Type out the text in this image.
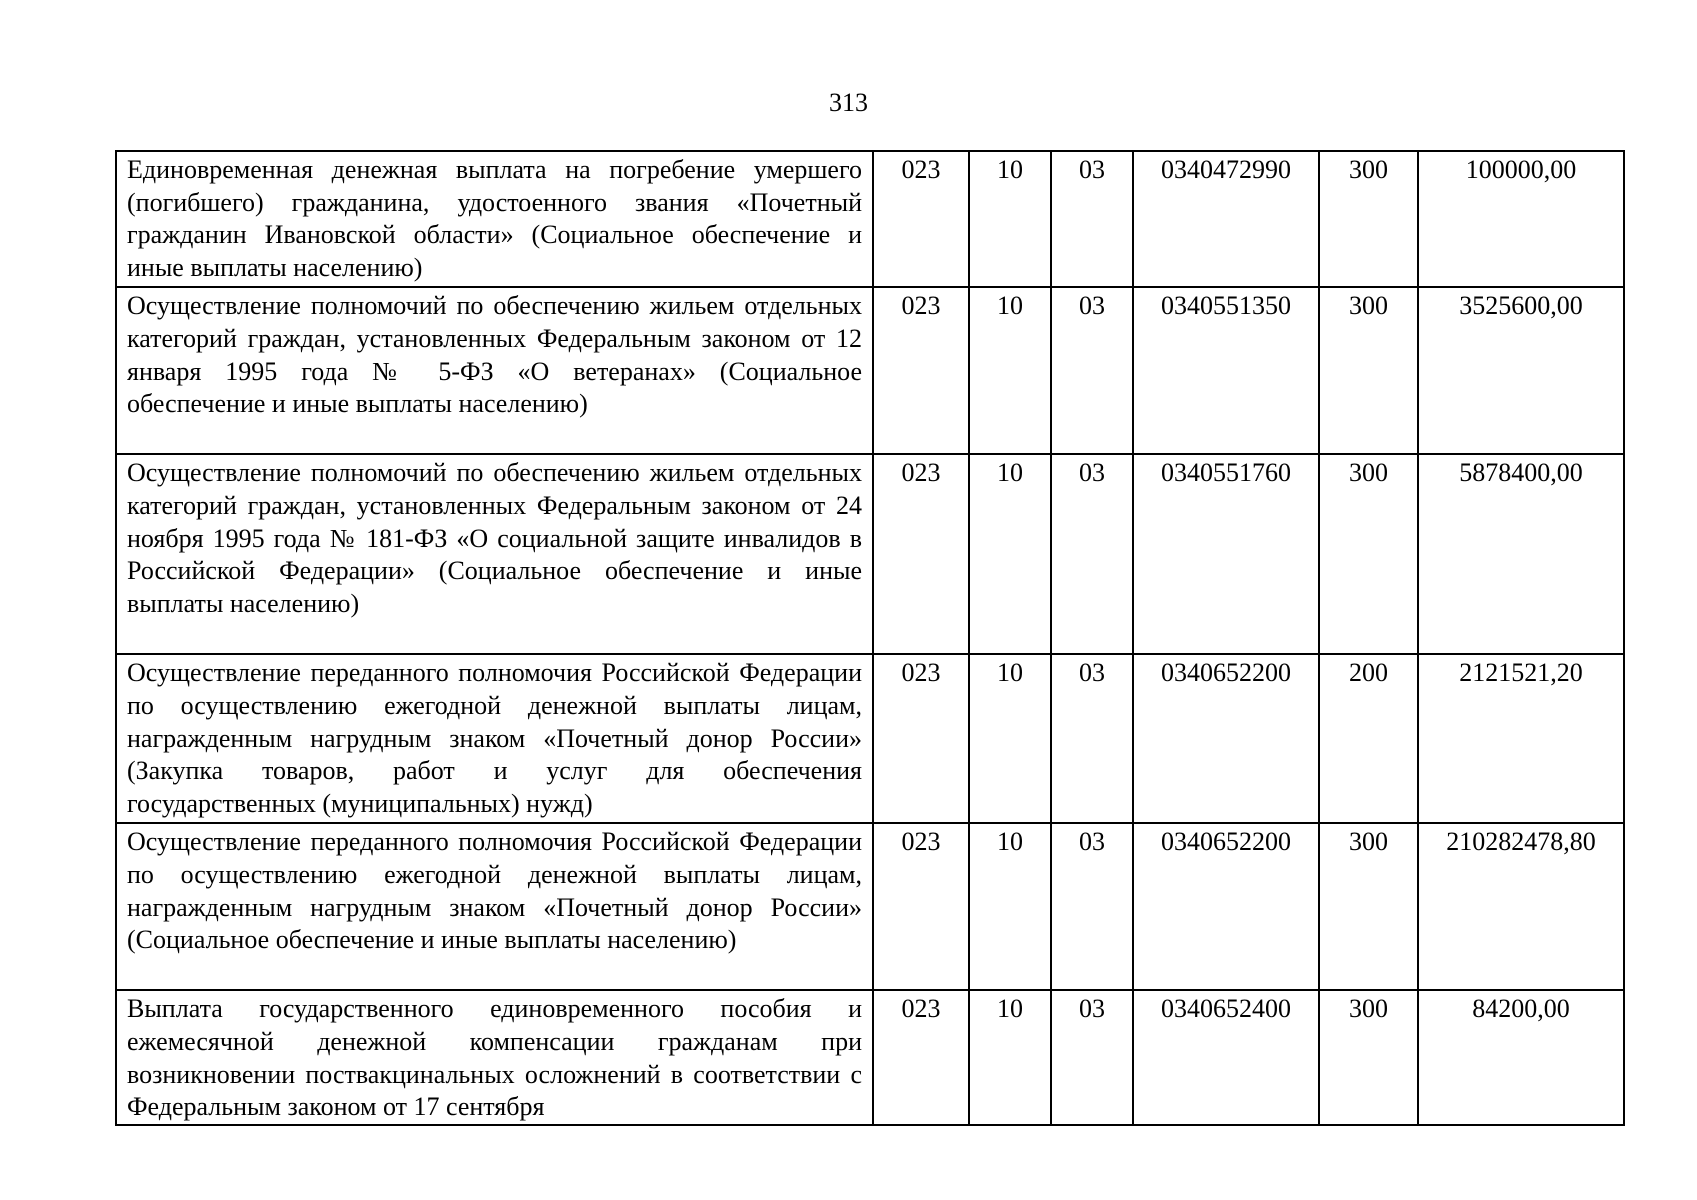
313
Единовременная денежная выплата на погребение умершего (погибшего) гражданина, удостоенного звания «Почетный гражданин Ивановской области» (Социальное обеспечение и иные выплаты населению)	023	10	03	0340472990	300	100000,00
Осуществление полномочий по обеспечению жильем отдельных категорий граждан, установленных Федеральным законом от 12 января 1995 года № 5-ФЗ «О ветеранах» (Социальное обеспечение и иные выплаты населению)	023	10	03	0340551350	300	3525600,00
Осуществление полномочий по обеспечению жильем отдельных категорий граждан, установленных Федеральным законом от 24 ноября 1995 года № 181-ФЗ «О социальной защите инвалидов в Российской Федерации» (Социальное обеспечение и иные выплаты населению)	023	10	03	0340551760	300	5878400,00
Осуществление переданного полномочия Российской Федерации по осуществлению ежегодной денежной выплаты лицам, награжденным нагрудным знаком «Почетный донор России» (Закупка товаров, работ и услуг для обеспечения государственных (муниципальных) нужд)	023	10	03	0340652200	200	2121521,20
Осуществление переданного полномочия Российской Федерации по осуществлению ежегодной денежной выплаты лицам, награжденным нагрудным знаком «Почетный донор России» (Социальное обеспечение и иные выплаты населению)	023	10	03	0340652200	300	210282478,80

Выплата государственного единовременного пособия и ежемесячной денежной компенсации гражданам при возникновении поствакцинальных осложнений в соответствии с Федеральным законом от 17 сентября	023	10	03	0340652400	300	84200,00
